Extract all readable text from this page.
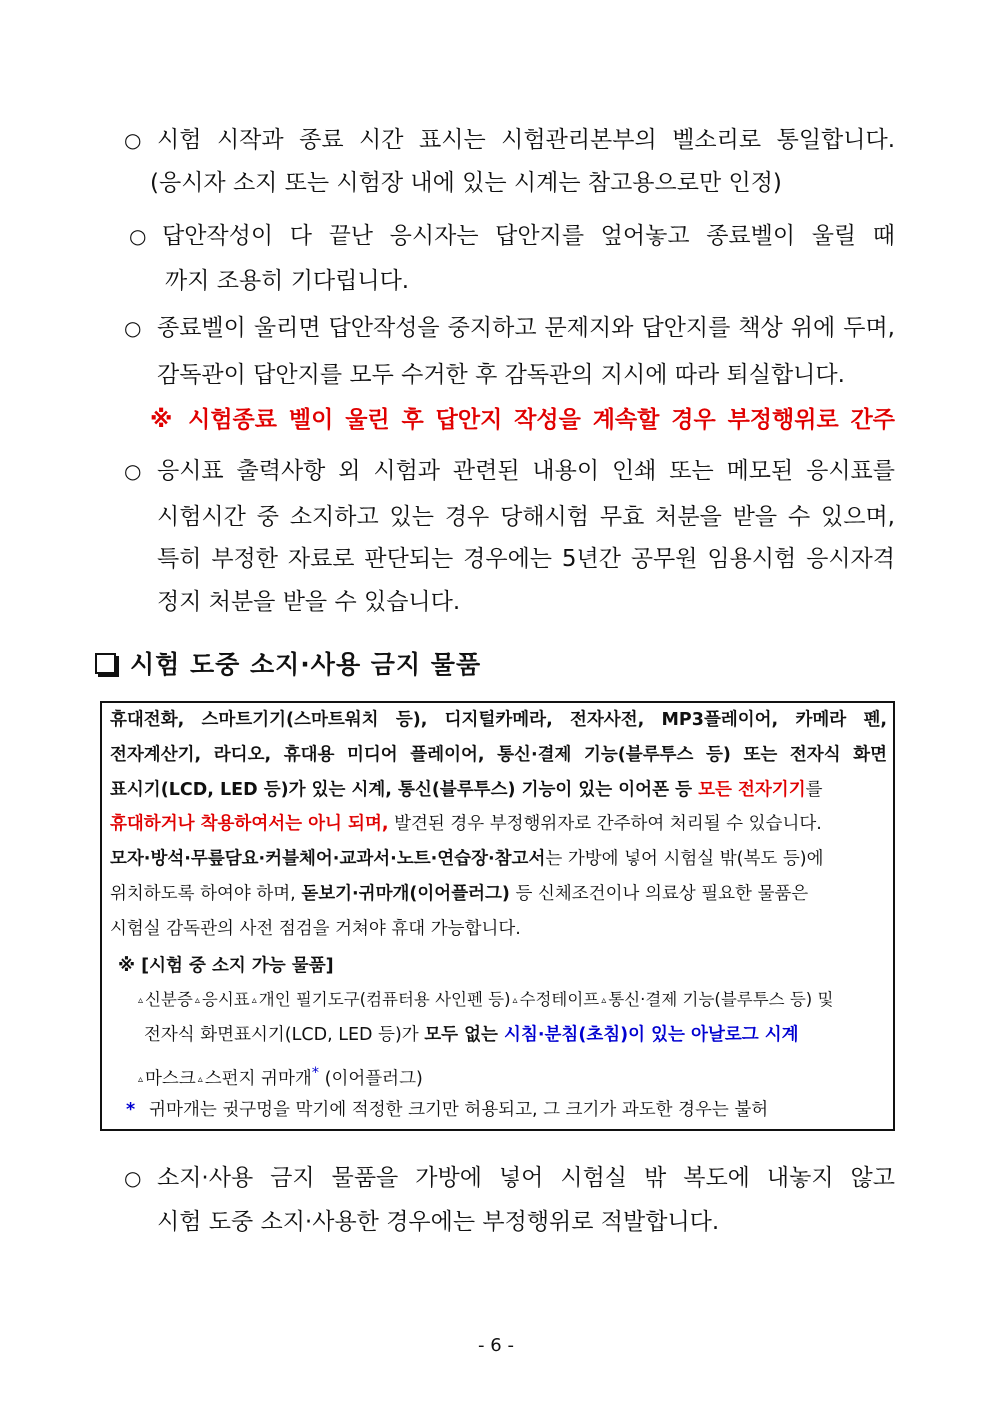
○ 시험 시작과 종료 시간 표시는 시험관리본부의 벨소리로 통일합니다.
(응시자 소지 또는 시험장 내에 있는 시계는 참고용으로만 인정)
○ 답안작성이 다 끝난 응시자는 답안지를 엎어놓고 종료벨이 울릴 때
까지 조용히 기다립니다.
○ 종료벨이 울리면 답안작성을 중지하고 문제지와 답안지를 책상 위에 두며,
감독관이 답안지를 모두 수거한 후 감독관의 지시에 따라 퇴실합니다.
※ 시험종료 벨이 울린 후 답안지 작성을 계속할 경우 부정행위로 간주
○ 응시표 출력사항 외 시험과 관련된 내용이 인쇄 또는 메모된 응시표를
시험시간 중 소지하고 있는 경우 당해시험 무효 처분을 받을 수 있으며,
특히 부정한 자료로 판단되는 경우에는 5년간 공무원 임용시험 응시자격
정지 처분을 받을 수 있습니다.
시험 도중 소지·사용 금지 물품
휴대전화, 스마트기기(스마트워치 등), 디지털카메라, 전자사전, MP3플레이어, 카메라 펜,
전자계산기, 라디오, 휴대용 미디어 플레이어, 통신·결제 기능(블루투스 등) 또는 전자식 화면
표시기(LCD, LED 등)가 있는 시계, 통신(블루투스) 기능이 있는 이어폰 등 모든 전자기기를
휴대하거나 착용하여서는 아니 되며, 발견된 경우 부정행위자로 간주하여 처리될 수 있습니다.
모자·방석·무릎담요·커블체어·교과서·노트·연습장·참고서는 가방에 넣어 시험실 밖(복도 등)에
위치하도록 하여야 하며, 돋보기·귀마개(이어플러그) 등 신체조건이나 의료상 필요한 물품은
시험실 감독관의 사전 점검을 거쳐야 휴대 가능합니다.
※ [시험 중 소지 가능 물품]
▵ 신분증 ▵ 응시표 ▵ 개인 필기도구(컴퓨터용 사인펜 등) ▵ 수정테이프 ▵ 통신·결제 기능(블루투스 등) 및
전자식 화면표시기(LCD, LED 등)가 모두 없는 시침·분침(초침)이 있는 아날로그 시계
▵ 마스크 ▵ 스펀지 귀마개* (이어플러그)
* 귀마개는 귓구멍을 막기에 적정한 크기만 허용되고, 그 크기가 과도한 경우는 불허
○ 소지·사용 금지 물품을 가방에 넣어 시험실 밖 복도에 내놓지 않고
시험 도중 소지·사용한 경우에는 부정행위로 적발합니다.
- 6 -
